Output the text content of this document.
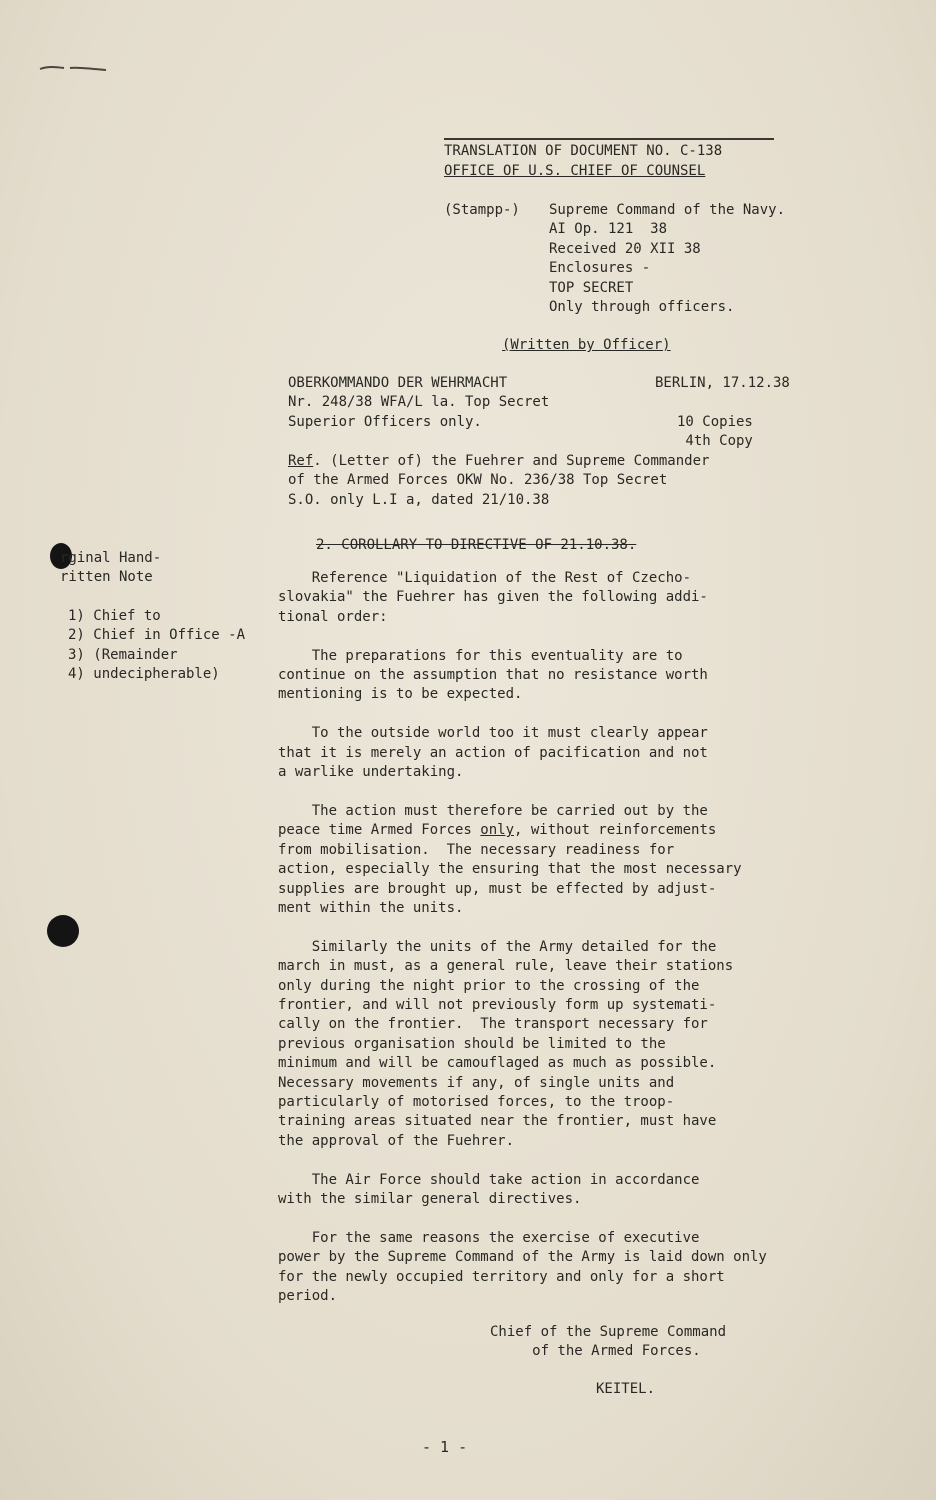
TRANSLATION OF DOCUMENT NO. C-138
OFFICE OF U.S. CHIEF OF COUNSEL
(Stampp-) Supreme Command of the Navy.
AI Op. 121  38
Received 20 XII 38
Enclosures -
TOP SECRET
Only through officers.
(Written by Officer)
OBERKOMMANDO DER WEHRMACHT
Nr. 248/38 WFA/L la. Top Secret
Superior Officers only.
BERLIN, 17.12.38
10 Copies
4th Copy
Ref. (Letter of) the Fuehrer and Supreme Commander
of the Armed Forces OKW No. 236/38 Top Secret
S.O. only L.I a, dated 21/10.38
2. COROLLARY TO DIRECTIVE OF 21.10.38.
rginal Hand-
ritten Note
1) Chief to
2) Chief in Office -A
3) (Remainder
4) undecipherable)
Reference "Liquidation of the Rest of Czecho-
slovakia" the Fuehrer has given the following addi-
tional order:

The preparations for this eventuality are to
continue on the assumption that no resistance worth
mentioning is to be expected.

To the outside world too it must clearly appear
that it is merely an action of pacification and not
a warlike undertaking.

The action must therefore be carried out by the
peace time Armed Forces only, without reinforcements
from mobilisation.  The necessary readiness for
action, especially the ensuring that the most necessary
supplies are brought up, must be effected by adjust-
ment within the units.

Similarly the units of the Army detailed for the
march in must, as a general rule, leave their stations
only during the night prior to the crossing of the
frontier, and will not previously form up systemati-
cally on the frontier.  The transport necessary for
previous organisation should be limited to the
minimum and will be camouflaged as much as possible.
Necessary movements if any, of single units and
particularly of motorised forces, to the troop-
training areas situated near the frontier, must have
the approval of the Fuehrer.

The Air Force should take action in accordance
with the similar general directives.

For the same reasons the exercise of executive
power by the Supreme Command of the Army is laid down only
for the newly occupied territory and only for a short
period.
Chief of the Supreme Command
of the Armed Forces.
KEITEL.
- 1 -
